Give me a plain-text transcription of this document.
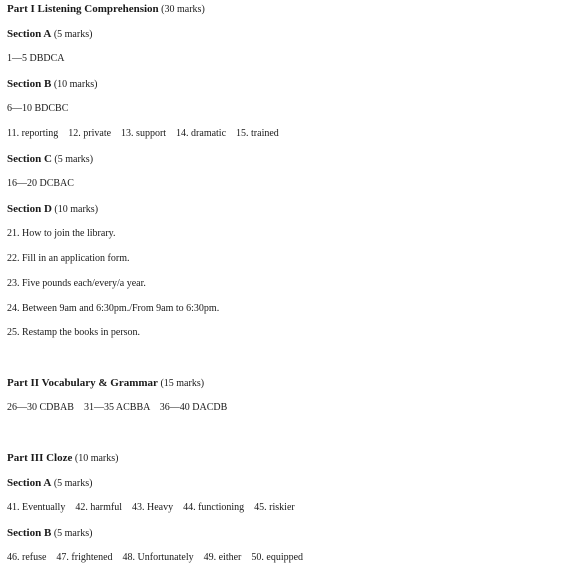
Part I Listening Comprehension (30 marks)
Section A (5 marks)
1—5 DBDCA
Section B (10 marks)
6—10 BDCBC
11. reporting    12. private    13. support    14. dramatic    15. trained
Section C (5 marks)
16—20 DCBAC
Section D (10 marks)
21. How to join the library.
22. Fill in an application form.
23. Five pounds each/every/a year.
24. Between 9am and 6:30pm./From 9am to 6:30pm.
25. Restamp the books in person.
Part II Vocabulary & Grammar (15 marks)
26—30 CDBAB    31—35 ACBBA    36—40 DACDB
Part III Cloze (10 marks)
Section A (5 marks)
41. Eventually    42. harmful    43. Heavy    44. functioning    45. riskier
Section B (5 marks)
46. refuse    47. frightened    48. Unfortunately    49. either    50. equipped
